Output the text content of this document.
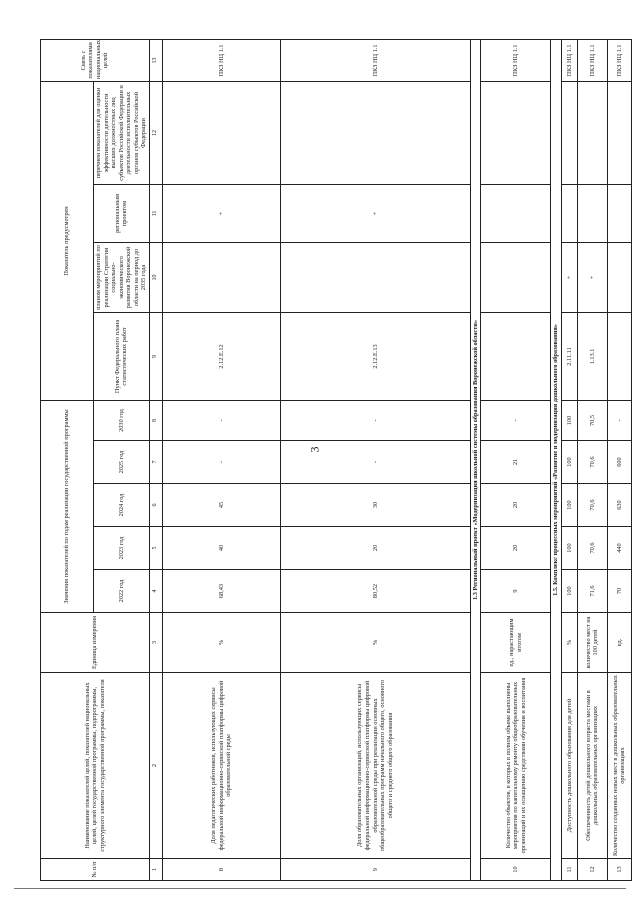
3
№ п/п	Наименование показателей целей, показателей национальных целей, целей государственной программы, подпрограммы, структурного элемента государственной программы, показателя	Единица измерения	Значения показателей по годам реализации государственной программы					Показатель предусмотрен				Связь с показателями национальных целей
			2022 год	2023 год	2024 год	2025 год	2030 год	Пункт Федерального плана статистических работ	планом мероприятий по реализации Стратегии социально-экономического развития Воронежской области на период до 2035 года	региональным проектом	перечнем показателей для оценки эффективности деятельности высших должностных лиц субъектов Российской Федерации и деятельности исполнительных органов субъектов Российской Федерации	

1	2	3	4	5	6	7	8	9	10	11	12	13
8	Доля педагогических работников, использующих сервисы федеральной информационно-сервисной платформы цифровой образовательной среды	%	68,43	40	45	-	-	2.12.Е.12		+		ПКЗ НЦ 1.1
9	Доля образовательных организаций, использующих сервисы федеральной информационно-сервисной платформы цифровой образовательной среды при реализации основных общеобразовательных программ начального общего, основного общего и среднего общего образования	%	80,52	20	30	-	-	2.12.Е.13		+		ПКЗ НЦ 1.1
1.3 Региональный проект «Модернизация школьной системы образования Воронежской области»												
10	Количество объектов, в которых в полном объеме выполнены мероприятия по капитальному ремонту общеобразовательных организаций и их оснащению средствами обучения и воспитания	ед., нарастающим итогом	9	20	20	21	-					ПКЗ НЦ 1.1
1.5. Комплекс процессных мероприятий «Развитие и модернизация дошкольного образования»												
11	Доступность дошкольного образования для детей	%	100	100	100	100	100	2.11.11	+			ПКЗ НЦ 1.1
12	Обеспеченность детей дошкольного возраста местами в дошкольных образовательных организациях	количество мест на 100 детей	71,6	70,6	70,6	70,6	70,5	1.13.1	+			ПКЗ НЦ 1.1
13	Количество созданных новых мест в дошкольных образовательных организациях	ед.	70	440	630	600	-					ПКЗ НЦ 1.1
